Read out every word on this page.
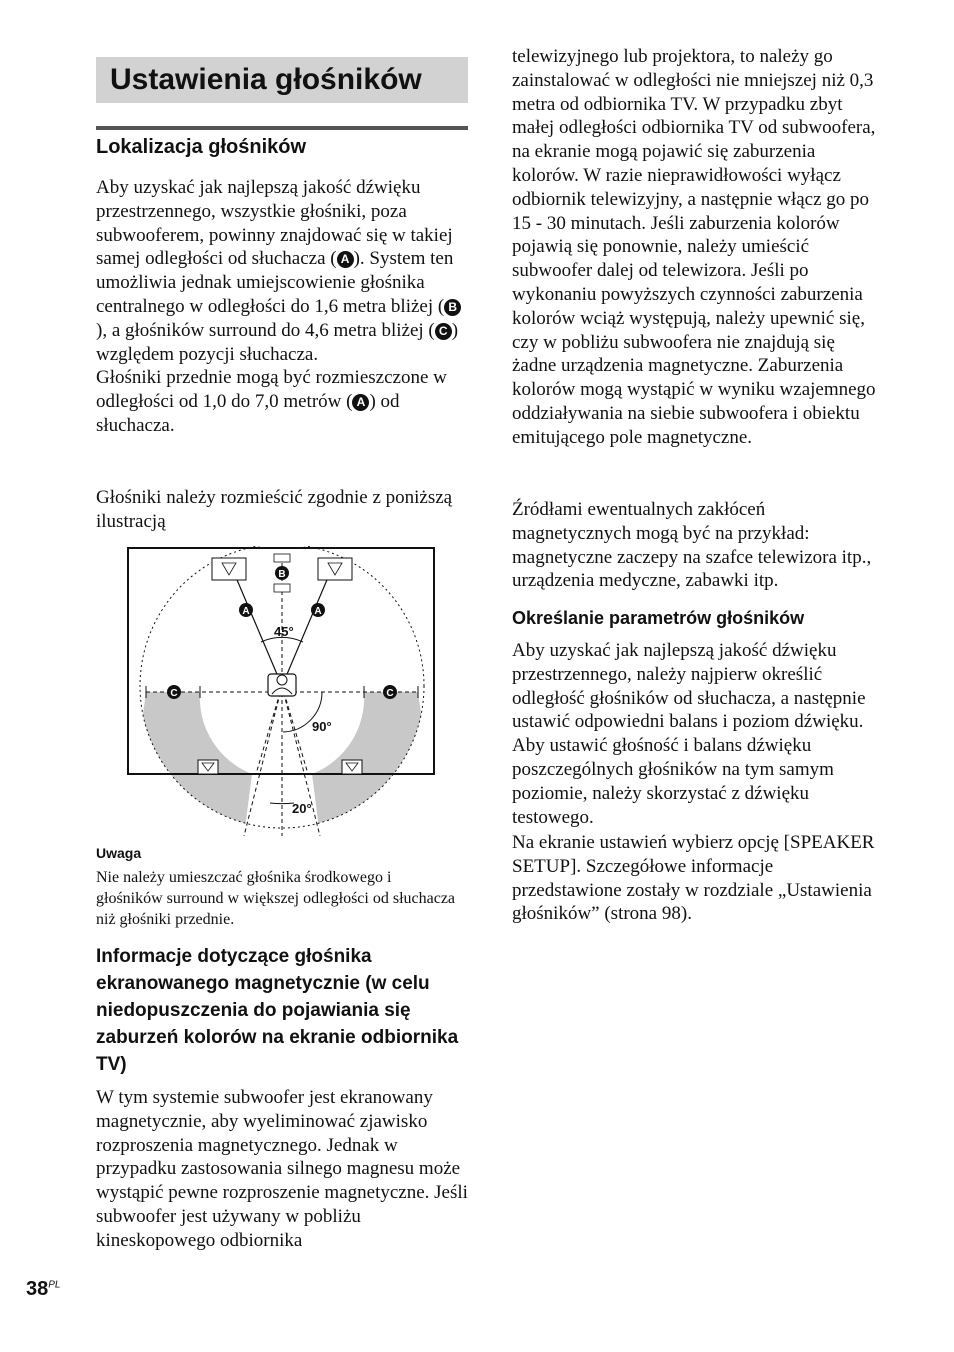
Ustawienia głośników
Lokalizacja głośników

Aby uzyskać jak najlepszą jakość dźwięku przestrzennego, wszystkie głośniki, poza subwooferem, powinny znajdować się w takiej samej odległości od słuchacza ( A ). System ten umożliwia jednak umiejscowienie głośnika centralnego w odległości do 1,6 metra bliżej ( B), a głośników surround do 4,6 metra bliżej ( C ) względem pozycji słuchacza.

Głośniki przednie mogą być rozmieszczone w odległości od 1,0 do 7,0 metrów ( A ) od słuchacza.

Głośniki należy rozmieścić zgodnie z poniższą ilustracją
B
A	A
C	C
45°
90°
20°
Uwaga
Nie należy umieszczać głośnika środkowego i głośników surround w większej odległości od słuchacza niż głośniki przednie.
Informacje dotyczące głośnika ekranowanego magnetycznie (w celu niedopuszczenia do pojawiania się zaburzeń kolorów na ekranie odbiornika TV)
W tym systemie subwoofer jest ekranowany magnetycznie, aby wyeliminować zjawisko rozproszenia magnetycznego. Jednak w przypadku zastosowania silnego magnesu może wystąpić pewne rozproszenie magnetyczne. Jeśli subwoofer jest używany w pobliżu kineskopowego odbiornika
telewizyjnego lub projektora, to należy go zainstalować w odległości nie mniejszej niż 0,3 metra od odbiornika TV. W przypadku zbyt małej odległości odbiornika TV od subwoofera, na ekranie mogą pojawić się zaburzenia kolorów. W razie nieprawidłowości wyłącz odbiornik telewizyjny, a następnie włącz go po 15 - 30 minutach. Jeśli zaburzenia kolorów pojawią się ponownie, należy umieścić subwoofer dalej od telewizora. Jeśli po wykonaniu powyższych czynności zaburzenia kolorów wciąż występują, należy upewnić się, czy w pobliżu subwoofera nie znajdują się żadne urządzenia magnetyczne. Zaburzenia kolorów mogą wystąpić w wyniku wzajemnego oddziaływania na siebie subwoofera i obiektu emitującego pole magnetyczne.
Źródłami ewentualnych zakłóceń magnetycznych mogą być na przykład: magnetyczne zaczepy na szafce telewizora itp., urządzenia medyczne, zabawki itp.
Określanie parametrów głośników
Aby uzyskać jak najlepszą jakość dźwięku przestrzennego, należy najpierw określić odległość głośników od słuchacza, a następnie ustawić odpowiedni balans i poziom dźwięku. Aby ustawić głośność i balans dźwięku poszczególnych głośników na tym samym poziomie, należy skorzystać z dźwięku testowego.
Na ekranie ustawień wybierz opcję [SPEAKER SETUP]. Szczegółowe informacje przedstawione zostały w rozdziale „Ustawienia głośników” (strona 98).
$38^{PL}$
